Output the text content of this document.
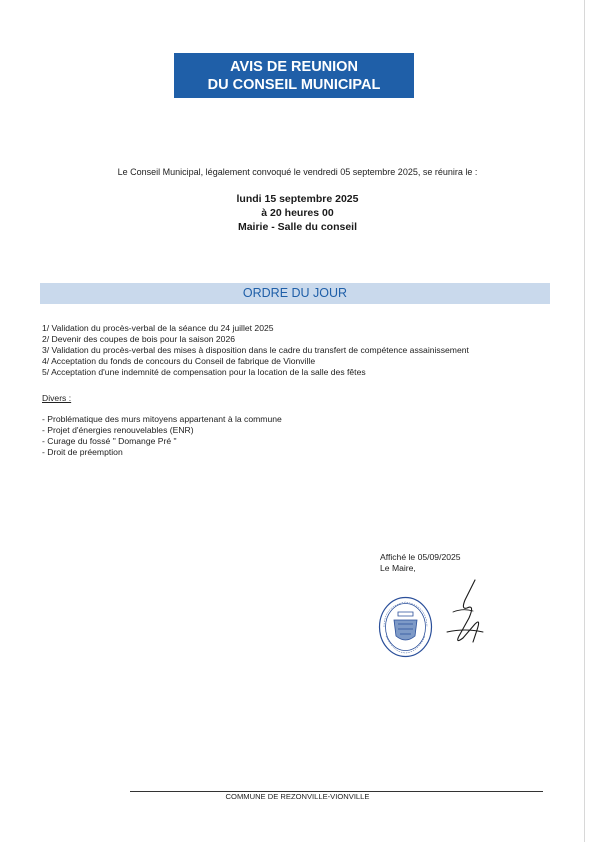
AVIS DE REUNION
DU CONSEIL MUNICIPAL
Le Conseil Municipal, légalement convoqué le vendredi 05 septembre 2025, se réunira le :
lundi 15 septembre 2025
à 20 heures 00
Mairie - Salle du conseil
ORDRE DU JOUR
1/ Validation du procès-verbal de la séance du 24 juillet 2025
2/ Devenir des coupes de bois pour la saison 2026
3/ Validation du procès-verbal des mises à disposition dans le cadre du transfert de compétence assainissement
4/ Acceptation du fonds de concours du Conseil de fabrique de Vionville
5/ Acceptation d'une indemnité de compensation pour la location de la salle des fêtes
Divers :
- Problématique des murs mitoyens appartenant à la commune
- Projet d'énergies renouvelables (ENR)
- Curage du fossé " Domange Pré "
- Droit de préemption
Affiché le 05/09/2025
Le Maire,
COMMUNE DE REZONVILLE-VIONVILLE
